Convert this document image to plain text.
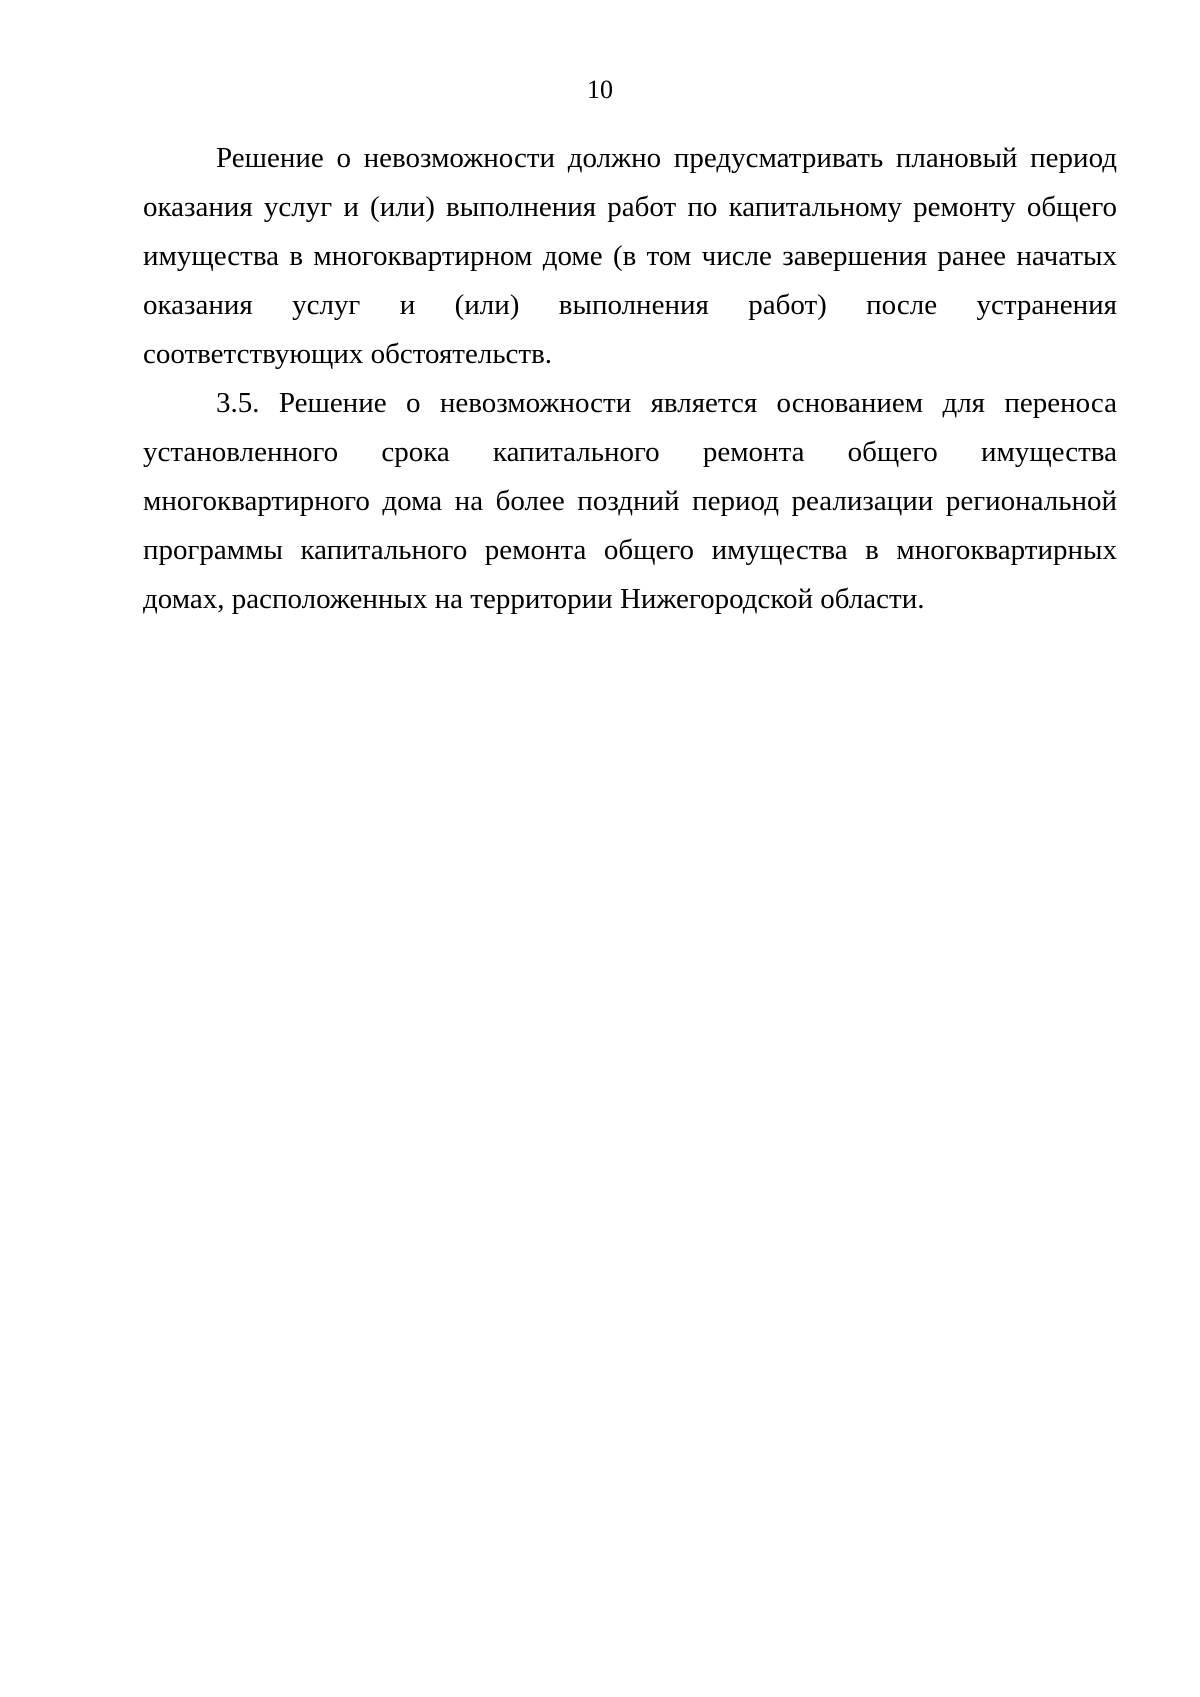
10

Решение о невозможности должно предусматривать плановый период оказания услуг и (или) выполнения работ по капитальному ремонту общего имущества в многоквартирном доме (в том числе завершения ранее начатых оказания услуг и (или) выполнения работ) после устранения соответствующих обстоятельств.

3.5. Решение о невозможности является основанием для переноса установленного срока капитального ремонта общего имущества многоквартирного дома на более поздний период реализации региональной программы капитального ремонта общего имущества в многоквартирных домах, расположенных на территории Нижегородской области.
